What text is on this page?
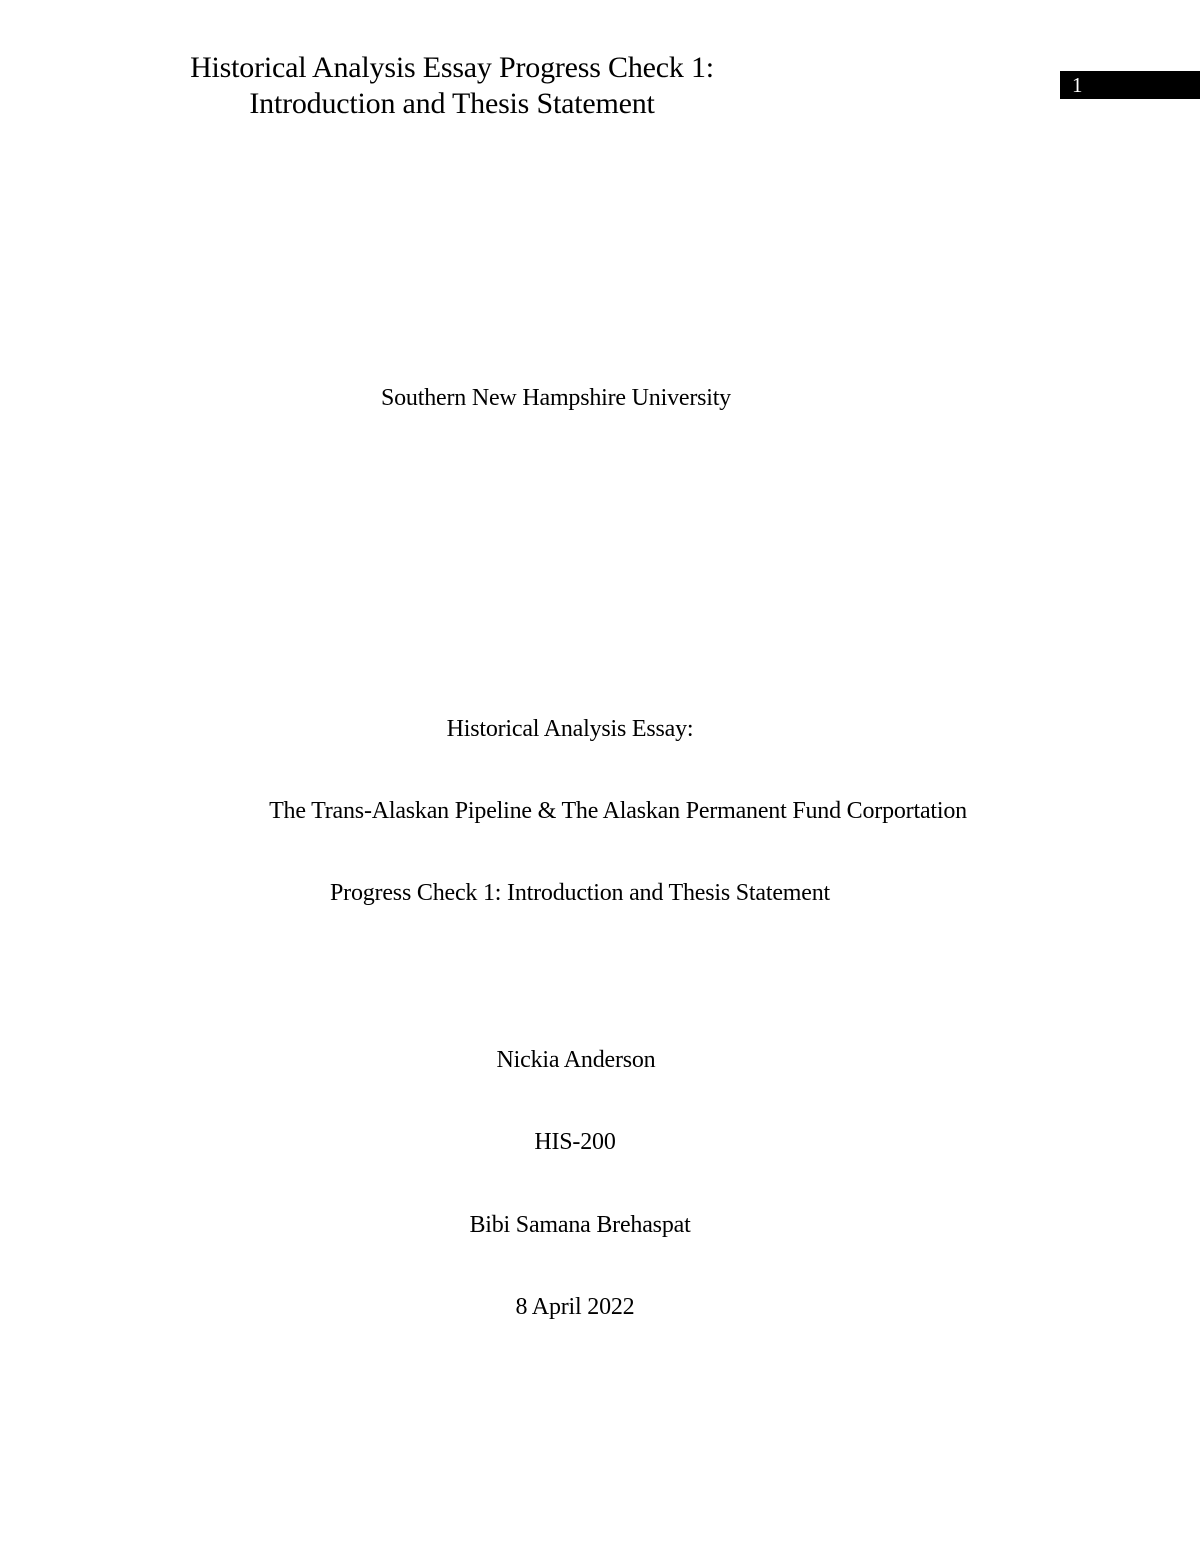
Historical Analysis Essay Progress Check 1:
Introduction and Thesis Statement
1
Southern New Hampshire University
Historical Analysis Essay:
The Trans-Alaskan Pipeline & The Alaskan Permanent Fund Corportation
Progress Check 1: Introduction and Thesis Statement
Nickia Anderson
HIS-200
Bibi Samana Brehaspat
8 April 2022
